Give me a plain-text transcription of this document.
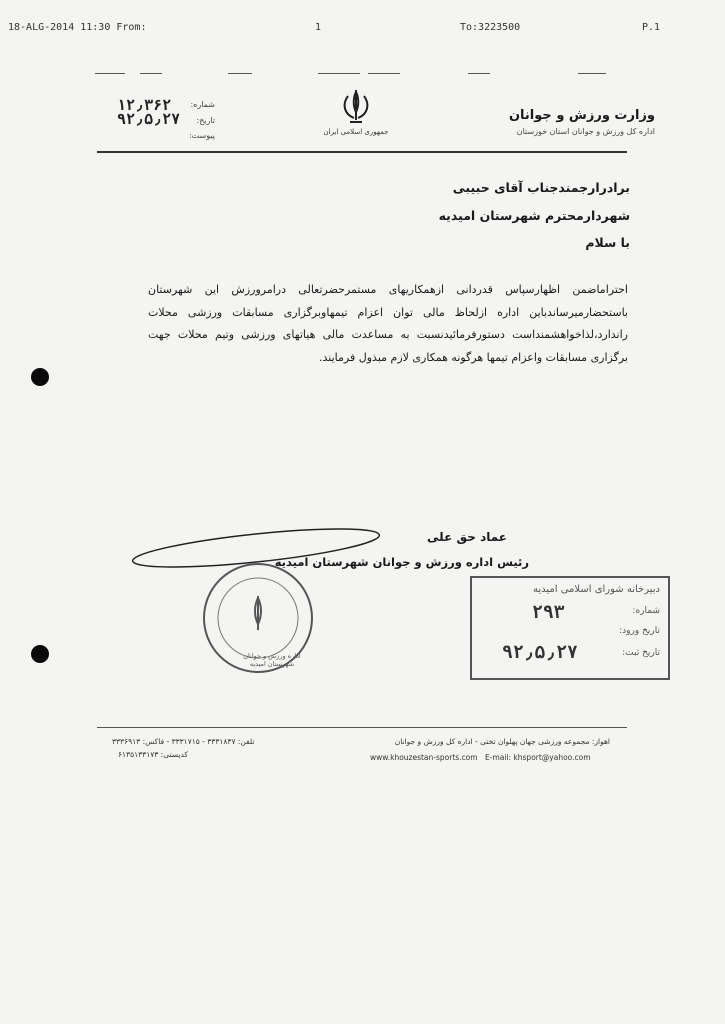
18-ALG-2014 11:30 From:	1	To:3223500	P.1
وزارت ورزش و جوانان
اداره کل ورزش و جوانان استان خوزستان
جمهوری اسلامی ایران
شماره:
۱۲٫۳۶۲
تاریخ:
۹۲٫۵٫۲۷
پیوست:
برادرارجمندجناب آقای حبیبی
شهردارمحترم شهرستان امیدیه
با سلام
احتراماضمن اظهارسپاس قدردانی ازهمکاریهای مستمرحضرتعالی درامرورزش این شهرستان باستحضارمیرساندباین اداره ازلحاظ مالی توان اعزام تیمهاوبرگزاری مسابقات ورزشی محلات راندارد،لذاخواهشمنداست دستورفرمائیدنسبت به مساعدت مالی هیاتهای ورزشی وتیم محلات جهت برگزاری مسابقات واعزام تیمها هرگونه همکاری لازم مبذول فرمایند.
عماد حق علی
رئیس اداره ورزش و جوانان شهرستان امیدیه
اداره ورزش و جوانان شهرستان امیدیه
دبیرخانه شورای اسلامی امیدیه
شماره:
۲۹۳
تاریخ ورود:
تاریخ ثبت:
۹۲٫۵٫۲۷
اهواز: مجموعه ورزشی جهان پهلوان تختی - اداره کل ورزش و جوانان
www.khouzestan-sports.com E-mail: khsport@yahoo.com
تلفن: ۳۳۳۱۸۳۷ - ۳۳۳۱۷۱۵ - فاکس: ۳۳۳۶۹۱۳
کدپستی: ۶۱۳۵۱۳۳۱۷۳
